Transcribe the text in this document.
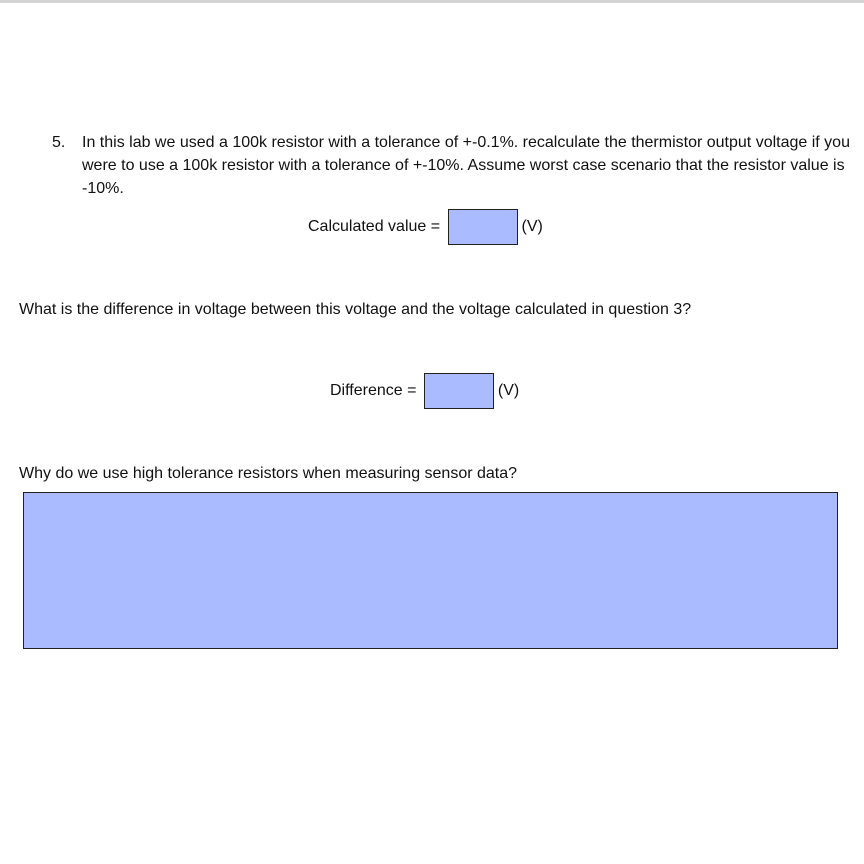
5. In this lab we used a 100k resistor with a tolerance of +-0.1%. recalculate the thermistor output voltage if you were to use a 100k resistor with a tolerance of +-10%. Assume worst case scenario that the resistor value is -10%.

Calculated value =	(V)

What is the difference in voltage between this voltage and the voltage calculated in question 3?

Difference =	(V)

Why do we use high tolerance resistors when measuring sensor data?
